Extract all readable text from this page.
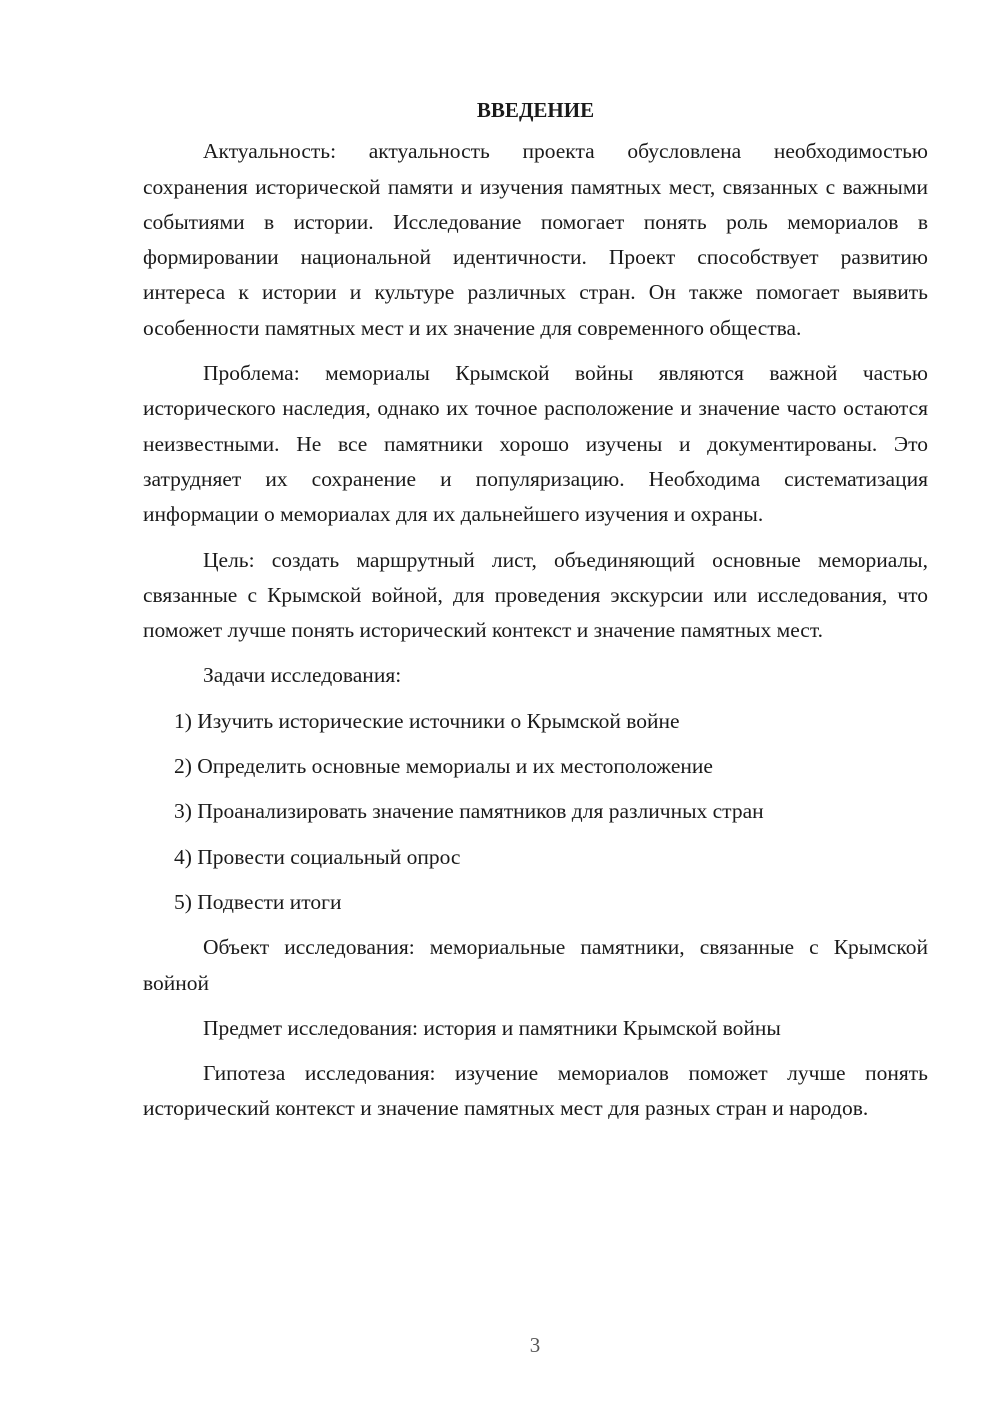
ВВЕДЕНИЕ

Актуальность: актуальность проекта обусловлена необходимостью сохранения исторической памяти и изучения памятных мест, связанных с важными событиями в истории. Исследование помогает понять роль мемориалов в формировании национальной идентичности. Проект способствует развитию интереса к истории и культуре различных стран. Он также помогает выявить особенности памятных мест и их значение для современного общества.

Проблема: мемориалы Крымской войны являются важной частью исторического наследия, однако их точное расположение и значение часто остаются неизвестными. Не все памятники хорошо изучены и документированы. Это затрудняет их сохранение и популяризацию. Необходима систематизация информации о мемориалах для их дальнейшего изучения и охраны.

Цель: создать маршрутный лист, объединяющий основные мемориалы, связанные с Крымской войной, для проведения экскурсии или исследования, что поможет лучше понять исторический контекст и значение памятных мест.

Задачи исследования:

1) Изучить исторические источники о Крымской войне
2) Определить основные мемориалы и их местоположение
3) Проанализировать значение памятников для различных стран
4) Провести социальный опрос
5) Подвести итоги

Объект исследования: мемориальные памятники, связанные с Крымской войной

Предмет исследования: история и памятники Крымской войны

Гипотеза исследования: изучение мемориалов поможет лучше понять исторический контекст и значение памятных мест для разных стран и народов.

3
